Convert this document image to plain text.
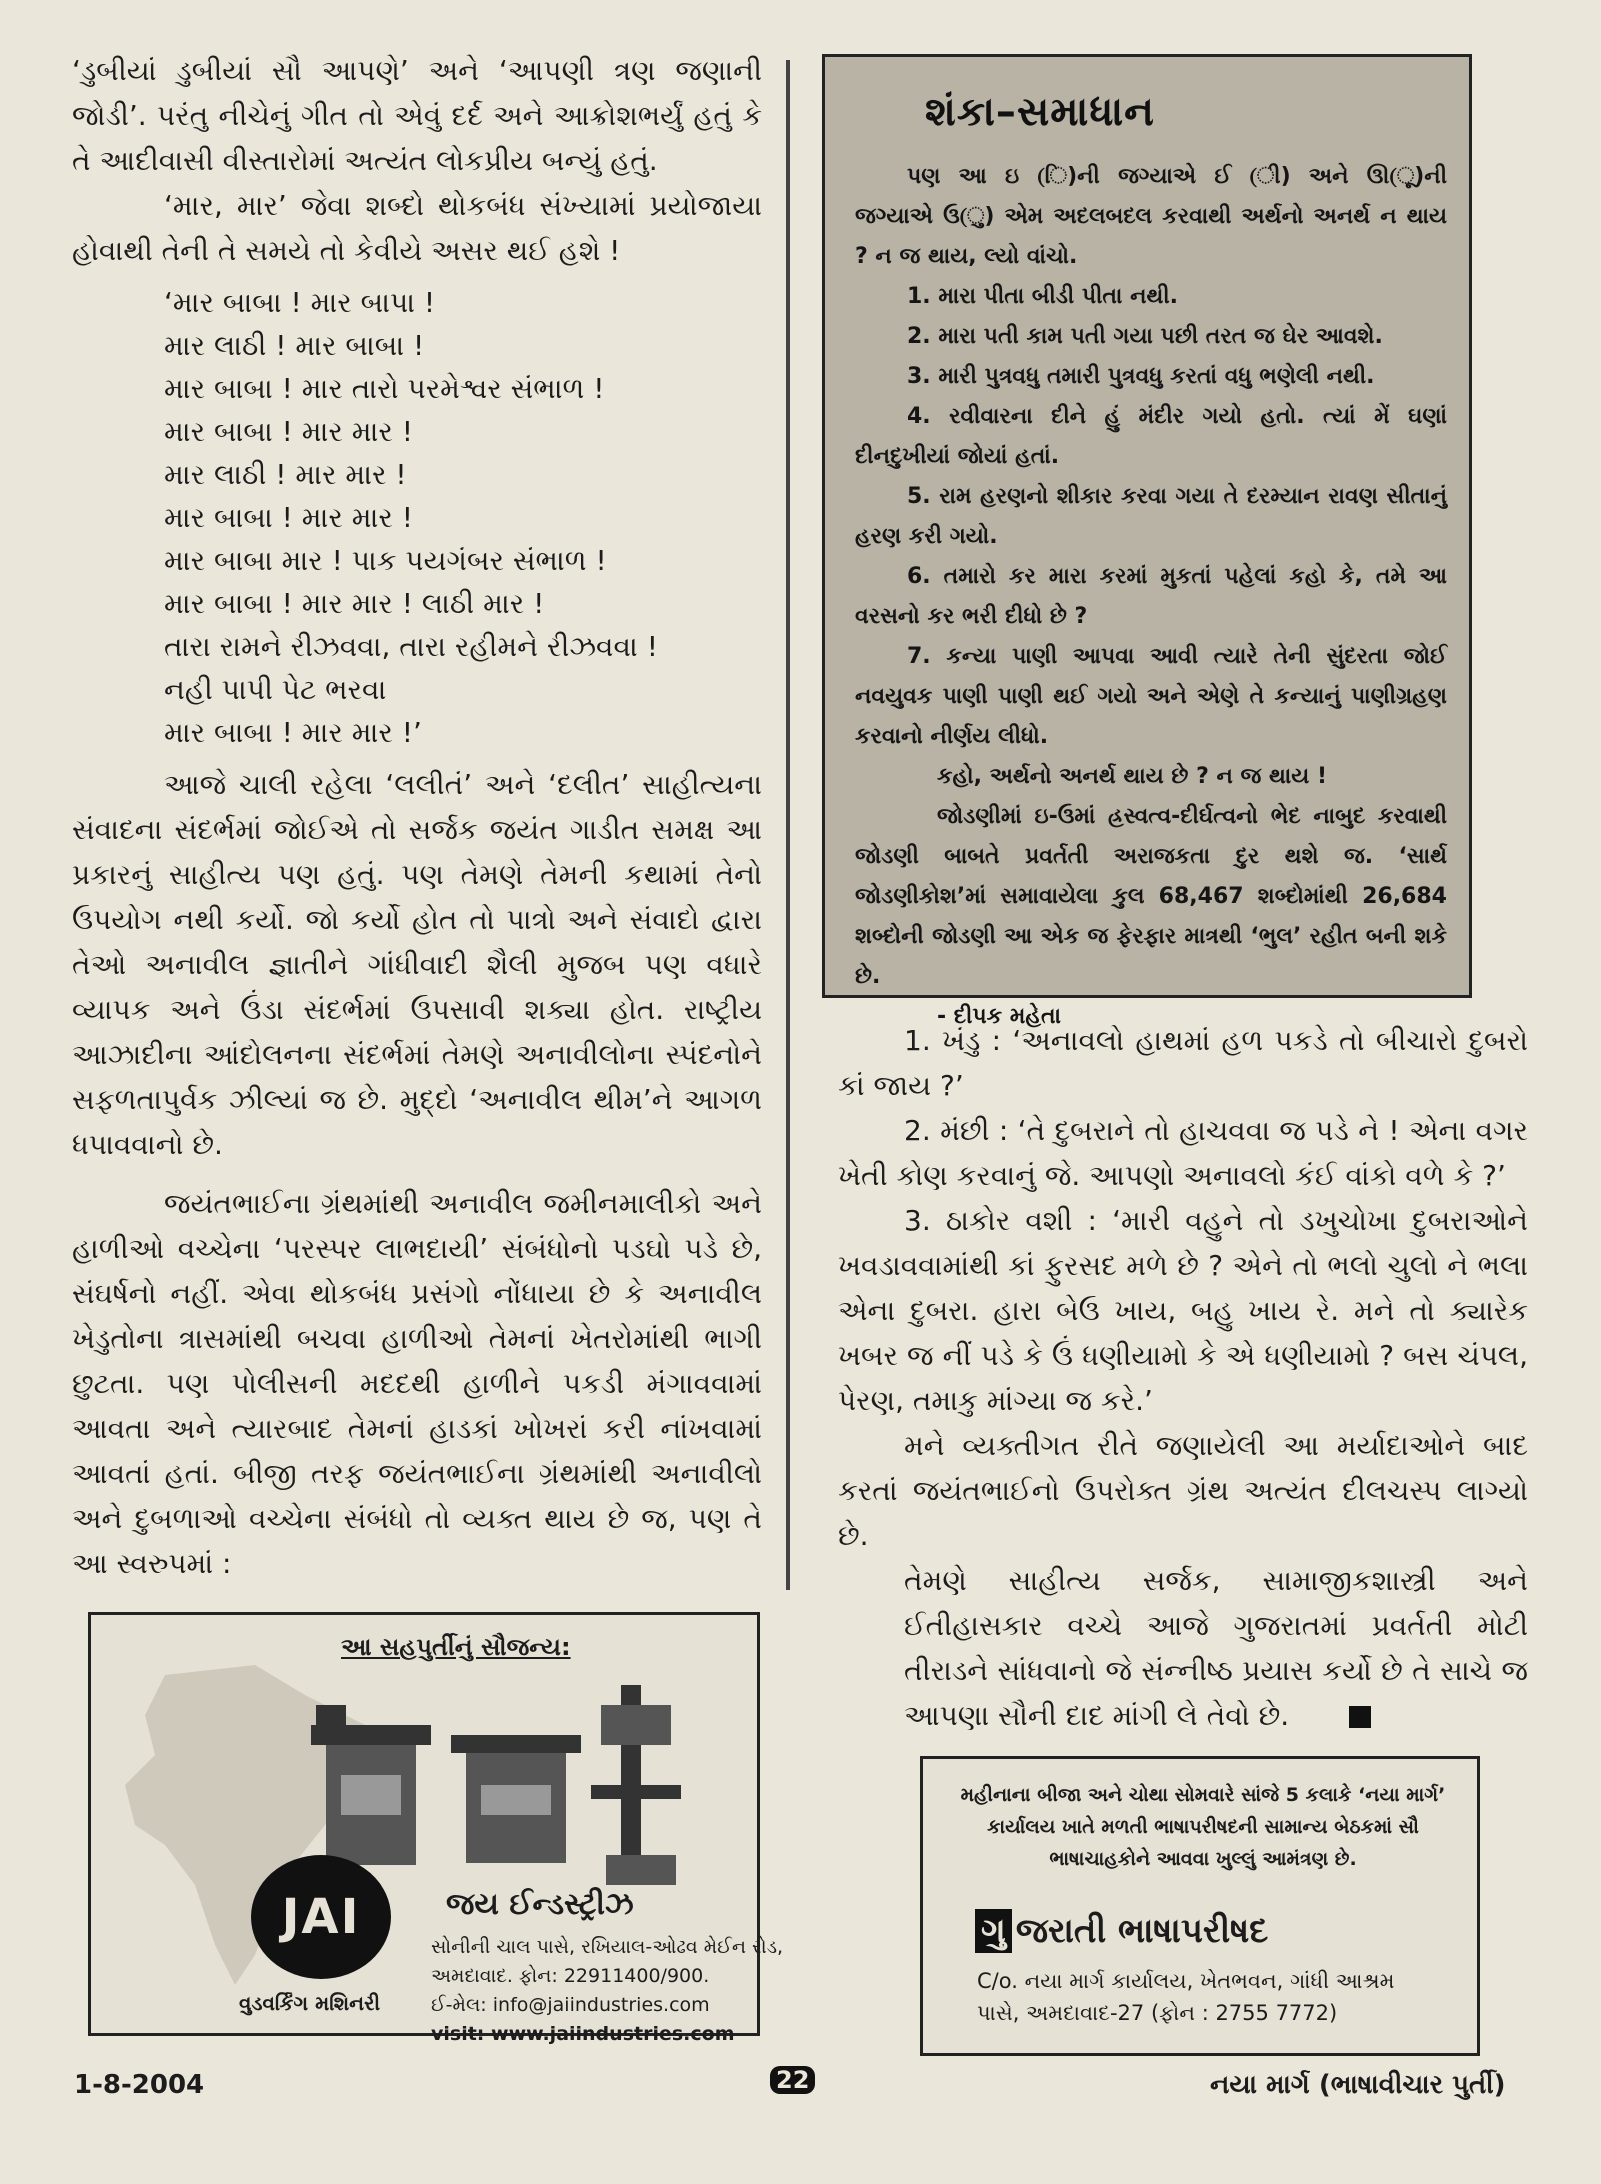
‘ડુબીયાં ડુબીયાં સૌ આપણે’ અને ‘આપણી ત્રણ જણાની જોડી’. પરંતુ નીચેનું ગીત તો એવું દર્દ અને આક્રોશભર્યું હતું કે તે આદીવાસી વીસ્તારોમાં અત્યંત લોકપ્રીય બન્યું હતું.

‘માર, માર’ જેવા શબ્દો થોકબંધ સંખ્યામાં પ્રયોજાયા હોવાથી તેની તે સમયે તો કેવીયે અસર થઈ હશે !

‘માર બાબા ! માર બાપા !
માર લાઠી ! માર બાબા !
માર બાબા ! માર તારો પરમેશ્વર સંભાળ !
માર બાબા ! માર માર !
માર લાઠી ! માર માર !
માર બાબા ! માર માર !
માર બાબા માર ! પાક પયગંબર સંભાળ !
માર બાબા ! માર માર ! લાઠી માર !
તારા રામને રીઝવવા, તારા રહીમને રીઝવવા !
નહી પાપી પેટ ભરવા
માર બાબા ! માર માર !’

આજે ચાલી રહેલા ‘લલીતં’ અને ‘દલીત’ સાહીત્યના સંવાદના સંદર્ભમાં જોઈએ તો સર્જક જયંત ગાડીત સમક્ષ આ પ્રકારનું સાહીત્ય પણ હતું. પણ તેમણે તેમની કથામાં તેનો ઉપયોગ નથી કર્યો. જો કર્યો હોત તો પાત્રો અને સંવાદો દ્વારા તેઓ અનાવીલ જ્ઞાતીને ગાંધીવાદી શૈલી મુજબ પણ વધારે વ્યાપક અને ઉંડા સંદર્ભમાં ઉપસાવી શક્યા હોત. રાષ્ટ્રીય આઝાદીના આંદોલનના સંદર્ભમાં તેમણે અનાવીલોના સ્પંદનોને સફળતાપુર્વક ઝીલ્યાં જ છે. મુદ્દો ‘અનાવીલ થીમ’ને આગળ ધપાવવાનો છે.

જયંતભાઈના ગ્રંથમાંથી અનાવીલ જમીનમાલીકો અને હાળીઓ વચ્ચેના ‘પરસ્પર લાભદાયી’ સંબંધોનો પડઘો પડે છે, સંઘર્ષનો નહીં. એવા થોકબંધ પ્રસંગો નોંધાયા છે કે અનાવીલ ખેડુતોના ત્રાસમાંથી બચવા હાળીઓ તેમનાં ખેતરોમાંથી ભાગી છુટતા. પણ પોલીસની મદદથી હાળીને પકડી મંગાવવામાં આવતા અને ત્યારબાદ તેમનાં હાડકાં ખોખરાં કરી નાંખવામાં આવતાં હતાં. બીજી તરફ જયંતભાઈના ગ્રંથમાંથી અનાવીલો અને દુબળાઓ વચ્ચેના સંબંધો તો વ્યક્ત થાય છે જ, પણ તે આ સ્વરુપમાં :

શંકા–સમાધાન

પણ આ ઇ (િ)ની જગ્યાએ ઈ (ી) અને ઊ(ૂ)ની જગ્યાએ ઉ(ુ) એમ અદલબદલ કરવાથી અર્થનો અનર્થ ન થાય ? ન જ થાય, લ્યો વાંચો.

1. મારા પીતા બીડી પીતા નથી.

2. મારા પતી કામ પતી ગયા પછી તરત જ ઘેર આવશે.

3. મારી પુત્રવધુ તમારી પુત્રવધુ કરતાં વધુ ભણેલી નથી.

4. રવીવારના દીને હું મંદીર ગયો હતો. ત્યાં મેં ઘણાં દીનદુખીયાં જોયાં હતાં.

5. રામ હરણનો શીકાર કરવા ગયા તે દરમ્યાન રાવણ સીતાનું હરણ કરી ગયો.

6. તમારો કર મારા કરમાં મુકતાં પહેલાં કહો કે, તમે આ વરસનો કર ભરી દીધો છે ?

7. કન્યા પાણી આપવા આવી ત્યારે તેની સુંદરતા જોઈ નવયુવક પાણી પાણી થઈ ગયો અને એણે તે કન્યાનું પાણીગ્રહણ કરવાનો નીર્ણય લીધો.

કહો, અર્થનો અનર્થ થાય છે ? ન જ થાય !

જોડણીમાં ઇ-ઉમાં હ્રસ્વત્વ-દીર્ઘત્વનો ભેદ નાબુદ કરવાથી જોડણી બાબતે પ્રવર્તતી અરાજકતા દુર થશે જ. ‘સાર્થ જોડણીકોશ’માં સમાવાયેલા કુલ 68,467 શબ્દોમાંથી 26,684 શબ્દોની જોડણી આ એક જ ફેરફાર માત્રથી ‘ભુલ’ રહીત બની શકે છે.

- દીપક મહેતા

1. ખંડુ : ‘અનાવલો હાથમાં હળ પકડે તો બીચારો દુબરો કાં જાય ?’

2. મંછી : ‘તે દુબરાને તો હાચવવા જ પડે ને ! એના વગર ખેતી કોણ કરવાનું જે. આપણો અનાવલો કંઈ વાંકો વળે કે ?’

3. ઠાકોર વશી : ‘મારી વહુને તો ડખુચોખા દુબરાઓને ખવડાવવામાંથી કાં ફુરસદ મળે છે ? એને તો ભલો ચુલો ને ભલા એના દુબરા. હારા બેઉ ખાય, બહુ ખાય રે. મને તો ક્યારેક ખબર જ નીં પડે કે ઉં ધણીયામો કે એ ધણીયામો ? બસ ચંપલ, પેરણ, તમાકુ માંગ્યા જ કરે.’

મને વ્યક્તીગત રીતે જણાયેલી આ મર્યાદાઓને બાદ કરતાં જયંતભાઈનો ઉપરોક્ત ગ્રંથ અત્યંત દીલચસ્પ લાગ્યો છે.

તેમણે સાહીત્ય સર્જક, સામાજીકશાસ્ત્રી અને ઈતીહાસકાર વચ્ચે આજે ગુજરાતમાં પ્રવર્તતી મોટી તીરાડને સાંધવાનો જે સંન્નીષ્ઠ પ્રયાસ કર્યો છે તે સાચે જ આપણા સૌની દાદ માંગી લે તેવો છે.

આ સહપુર્તીનું સૌજન્ય:
JAI
વુડવર્કિંગ મશિનરી
જય ઈન્ડસ્ટ્રીઝ
સોનીની ચાલ પાસે, રખિયાલ-ઓઢવ મેઈન રોડ,
અમદાવાદ. ફોન: 22911400/900.
ઈ-મેલ: info@jaiindustries.com
visit: www.jaiindustries.com
મહીનાના બીજા અને ચોથા સોમવારે સાંજે 5 કલાકે ‘નયા માર્ગ’ કાર્યાલય ખાતે મળતી ભાષાપરીષદની સામાન્ય બેઠકમાં સૌ ભાષાચાહકોને આવવા ખુલ્લું આમંત્રણ છે.
ગુ જરાતી ભાષાપરીષદ
C/o. નયા માર્ગ કાર્યાલય, ખેતભવન, ગાંધી આશ્રમ
પાસે, અમદાવાદ-27 (ફોન : 2755 7772)
1-8-2004	22	નયા માર્ગ (ભાષાવીચાર પુર્તી)
